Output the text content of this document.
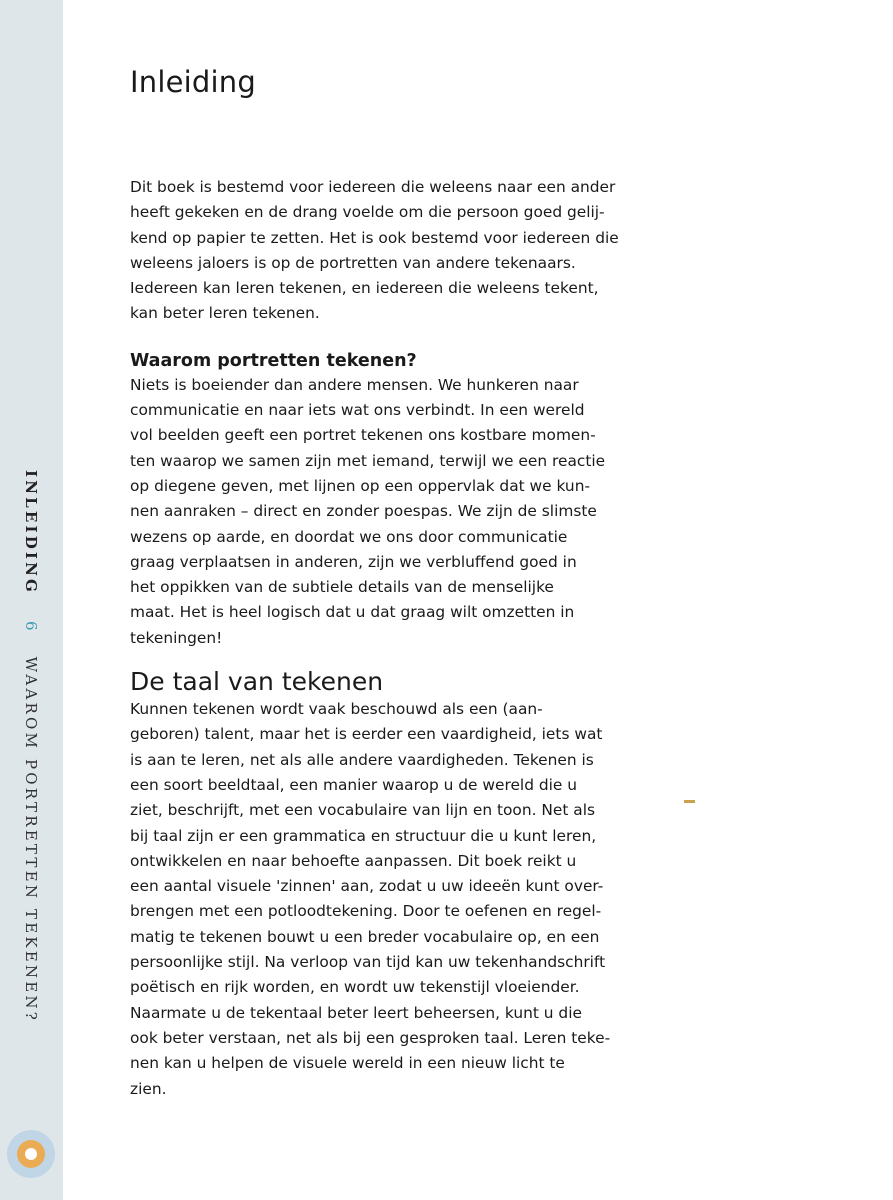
INLEIDING 6 WAAROM PORTRETTEN TEKENEN?
Inleiding

Dit boek is bestemd voor iedereen die weleens naar een ander
heeft gekeken en de drang voelde om die persoon goed gelij-
kend op papier te zetten. Het is ook bestemd voor iedereen die
weleens jaloers is op de portretten van andere tekenaars.
Iedereen kan leren tekenen, en iedereen die weleens tekent,
kan beter leren tekenen.

Waarom portretten tekenen?

Niets is boeiender dan andere mensen. We hunkeren naar
communicatie en naar iets wat ons verbindt. In een wereld
vol beelden geeft een portret tekenen ons kostbare momen-
ten waarop we samen zijn met iemand, terwijl we een reactie
op diegene geven, met lijnen op een oppervlak dat we kun-
nen aanraken – direct en zonder poespas. We zijn de slimste
wezens op aarde, en doordat we ons door communicatie
graag verplaatsen in anderen, zijn we verbluffend goed in
het oppikken van de subtiele details van de menselijke
maat. Het is heel logisch dat u dat graag wilt omzetten in
tekeningen!

De taal van tekenen

Kunnen tekenen wordt vaak beschouwd als een (aan-
geboren) talent, maar het is eerder een vaardigheid, iets wat
is aan te leren, net als alle andere vaardigheden. Tekenen is
een soort beeldtaal, een manier waarop u de wereld die u
ziet, beschrijft, met een vocabulaire van lijn en toon. Net als
bij taal zijn er een grammatica en structuur die u kunt leren,
ontwikkelen en naar behoefte aanpassen. Dit boek reikt u
een aantal visuele 'zinnen' aan, zodat u uw ideeën kunt over-
brengen met een potloodtekening. Door te oefenen en regel-
matig te tekenen bouwt u een breder vocabulaire op, en een
persoonlijke stijl. Na verloop van tijd kan uw tekenhandschrift
poëtisch en rijk worden, en wordt uw tekenstijl vloeiender.
Naarmate u de tekentaal beter leert beheersen, kunt u die
ook beter verstaan, net als bij een gesproken taal. Leren teke-
nen kan u helpen de visuele wereld in een nieuw licht te
zien.
